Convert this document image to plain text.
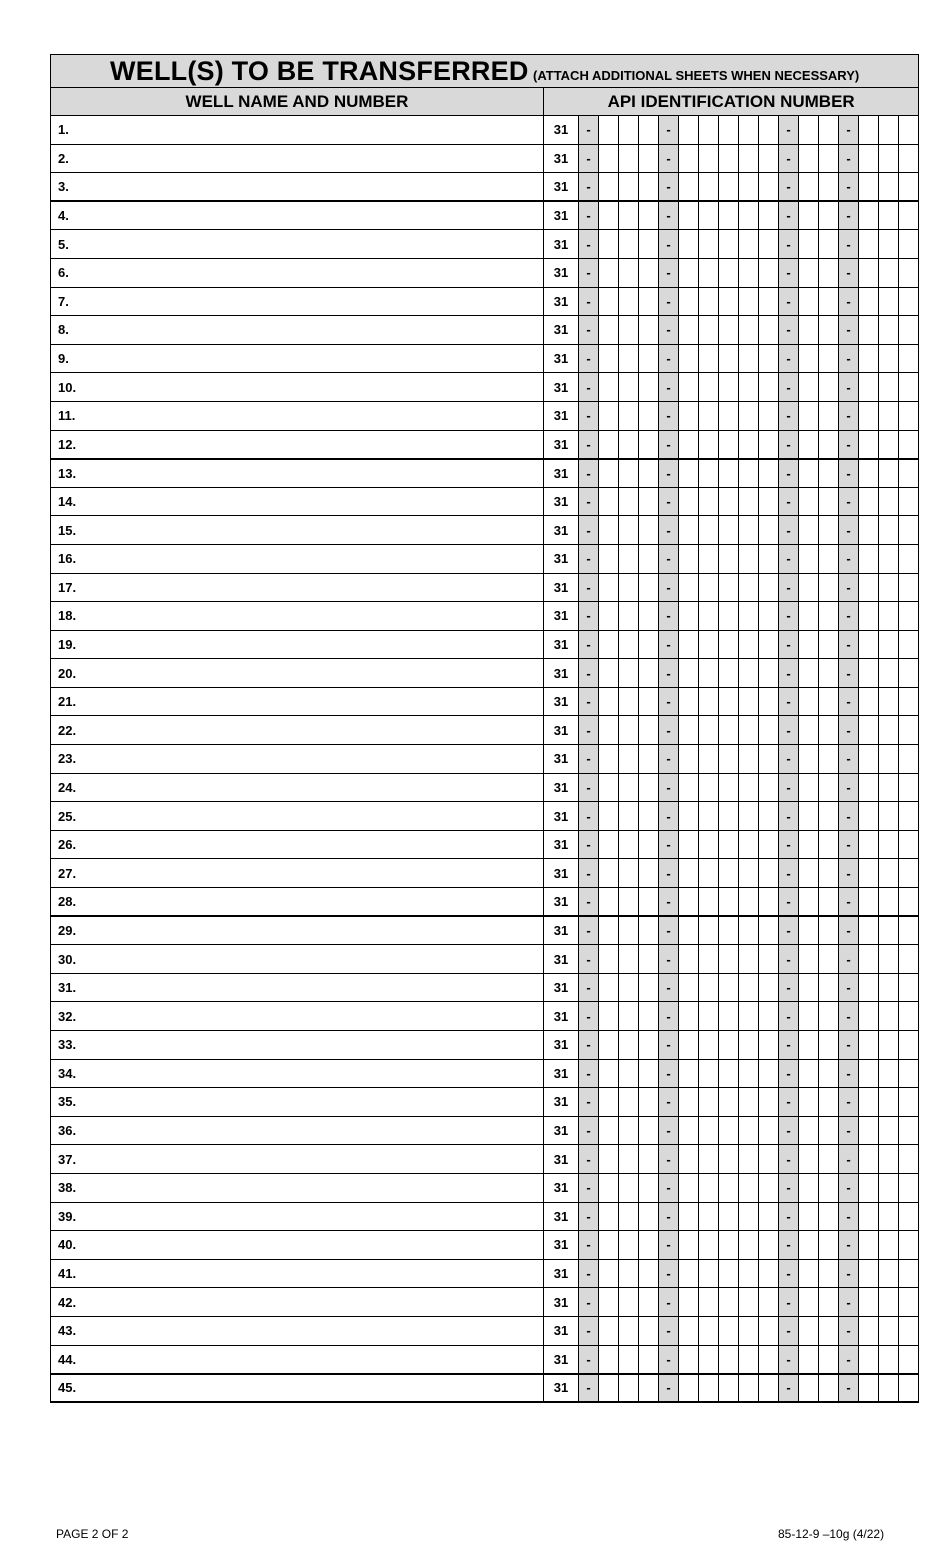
WELL(S) TO BE TRANSFERRED (ATTACH ADDITIONAL SHEETS WHEN NECESSARY)																		
WELL NAME AND NUMBER	API IDENTIFICATION NUMBER																	
1.	31	-				-						-			-			
2.	31	-				-						-			-			
3.	31	-				-						-			-			
4.	31	-				-						-			-			
5.	31	-				-						-			-			
6.	31	-				-						-			-			
7.	31	-				-						-			-			
8.	31	-				-						-			-			
9.	31	-				-						-			-			
10.	31	-				-						-			-			
11.	31	-				-						-			-			
12.	31	-				-						-			-			
13.	31	-				-						-			-			
14.	31	-				-						-			-			
15.	31	-				-						-			-			
16.	31	-				-						-			-			
17.	31	-				-						-			-			
18.	31	-				-						-			-			
19.	31	-				-						-			-			
20.	31	-				-						-			-			
21.	31	-				-						-			-			
22.	31	-				-						-			-			
23.	31	-				-						-			-			
24.	31	-				-						-			-			
25.	31	-				-						-			-			
26.	31	-				-						-			-			
27.	31	-				-						-			-			
28.	31	-				-						-			-			
29.	31	-				-						-			-			
30.	31	-				-						-			-			
31.	31	-				-						-			-			
32.	31	-				-						-			-			
33.	31	-				-						-			-			
34.	31	-				-						-			-			
35.	31	-				-						-			-			
36.	31	-				-						-			-			
37.	31	-				-						-			-			
38.	31	-				-						-			-			
39.	31	-				-						-			-			
40.	31	-				-						-			-			
41.	31	-				-						-			-			
42.	31	-				-						-			-			
43.	31	-				-						-			-			
44.	31	-				-						-			-			
45.	31	-				-						-			-			
PAGE 2 OF 2	85-12-9 –10g (4/22)
